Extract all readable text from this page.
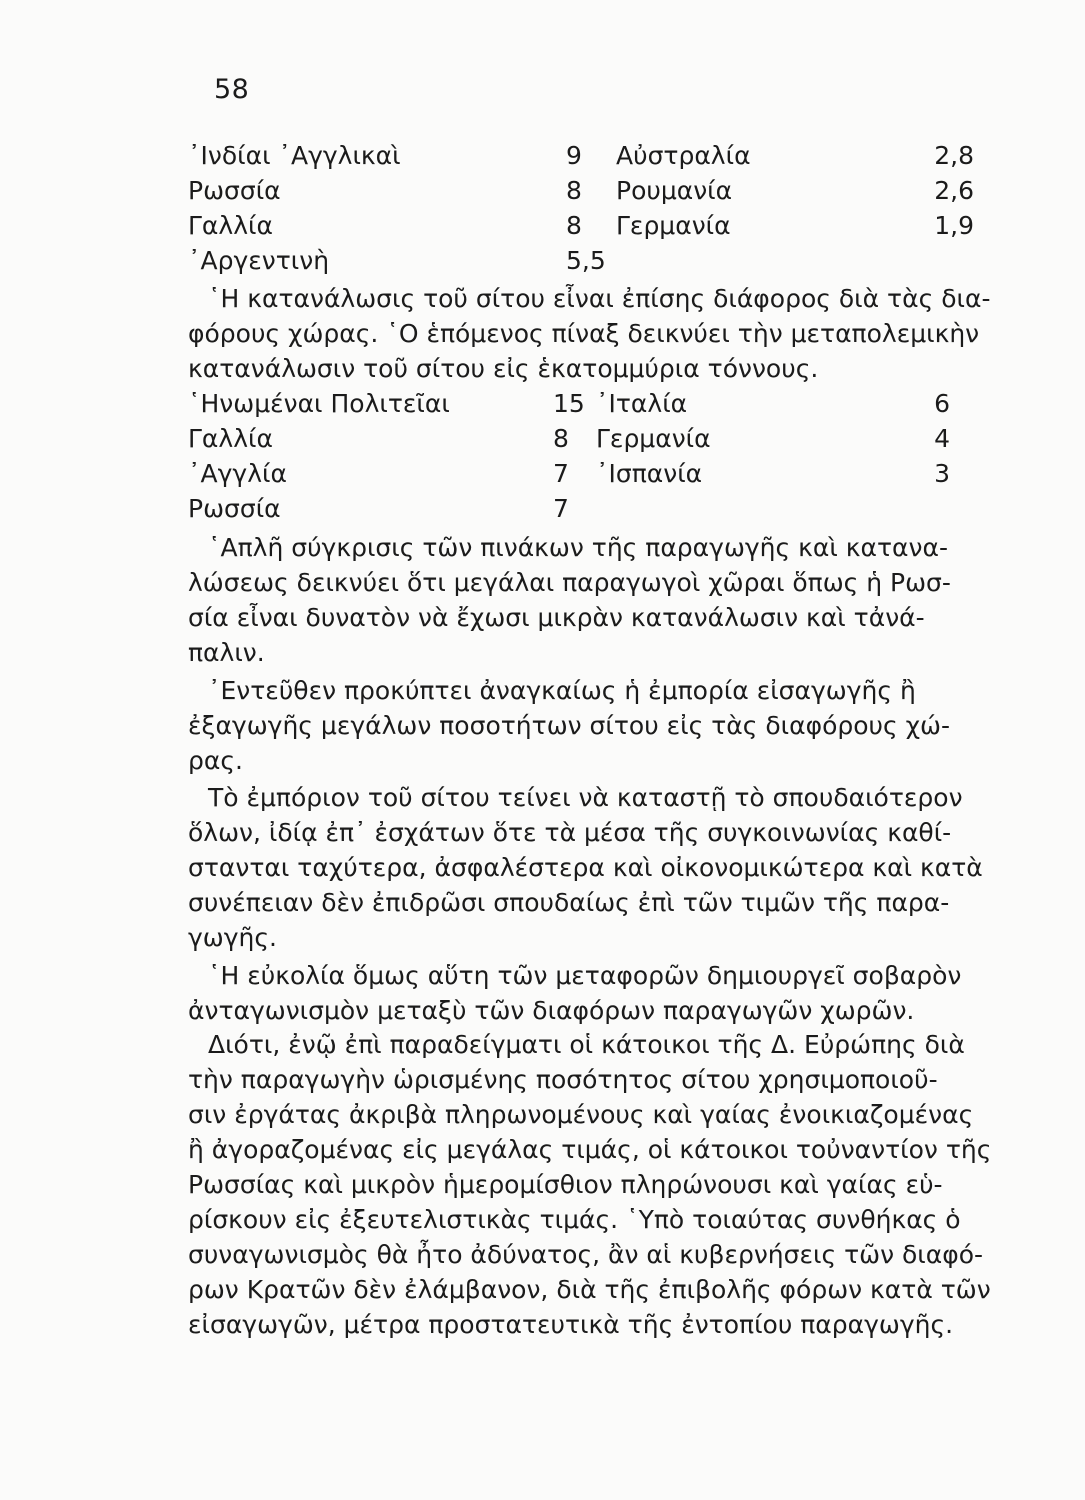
58
᾿Ινδίαι ᾿Αγγλικαὶ	9 Αὐστραλία	2,8
Ρωσσία	8 Ρουμανία	2,6
Γαλλία	8 Γερμανία	1,9
᾿Αργεντινὴ	5,5

῾Η κατανάλωσις τοῦ σίτου εἶναι ἐπίσης διάφορος διὰ τὰς δια-
φόρους χώρας. ῾Ο ἑπόμενος πίναξ δεικνύει τὴν μεταπολεμικὴν
κατανάλωσιν τοῦ σίτου εἰς ἑκατομμύρια τόννους.

῾Ηνωμέναι Πολιτεῖαι	15 ᾿Ιταλία	6
Γαλλία	8 Γερμανία	4
᾿Αγγλία	7 ᾿Ισπανία	3
Ρωσσία	7

῾Απλῆ σύγκρισις τῶν πινάκων τῆς παραγωγῆς καὶ κατανα-
λώσεως δεικνύει ὅτι μεγάλαι παραγωγοὶ χῶραι ὅπως ἡ Ρωσ-
σία εἶναι δυνατὸν νὰ ἔχωσι μικρὰν κατανάλωσιν καὶ τἀνά-
παλιν.

᾿Εντεῦθεν προκύπτει ἀναγκαίως ἡ ἐμπορία εἰσαγωγῆς ἢ
ἐξαγωγῆς μεγάλων ποσοτήτων σίτου εἰς τὰς διαφόρους χώ-
ρας.

Τὸ ἐμπόριον τοῦ σίτου τείνει νὰ καταστῇ τὸ σπουδαιότερον
ὅλων, ἰδίᾳ ἐπ᾿ ἐσχάτων ὅτε τὰ μέσα τῆς συγκοινωνίας καθί-
στανται ταχύτερα, ἀσφαλέστερα καὶ οἰκονομικώτερα καὶ κατὰ
συνέπειαν δὲν ἐπιδρῶσι σπουδαίως ἐπὶ τῶν τιμῶν τῆς παρα-
γωγῆς.

῾Η εὐκολία ὅμως αὕτη τῶν μεταφορῶν δημιουργεῖ σοβαρὸν
ἀνταγωνισμὸν μεταξὺ τῶν διαφόρων παραγωγῶν χωρῶν.

Διότι, ἐνῷ ἐπὶ παραδείγματι οἱ κάτοικοι τῆς Δ. Εὐρώπης διὰ
τὴν παραγωγὴν ὡρισμένης ποσότητος σίτου χρησιμοποιοῦ-
σιν ἐργάτας ἀκριβὰ πληρωνομένους καὶ γαίας ἐνοικιαζομένας
ἢ ἀγοραζομένας εἰς μεγάλας τιμάς, οἱ κάτοικοι τοὐναντίον τῆς
Ρωσσίας καὶ μικρὸν ἡμερομίσθιον πληρώνουσι καὶ γαίας εὑ-
ρίσκουν εἰς ἐξευτελιστικὰς τιμάς. ῾Υπὸ τοιαύτας συνθήκας ὁ
συναγωνισμὸς θὰ ἦτο ἀδύνατος, ἂν αἱ κυβερνήσεις τῶν διαφό-
ρων Κρατῶν δὲν ἐλάμβανον, διὰ τῆς ἐπιβολῆς φόρων κατὰ τῶν
εἰσαγωγῶν, μέτρα προστατευτικὰ τῆς ἐντοπίου παραγωγῆς.
